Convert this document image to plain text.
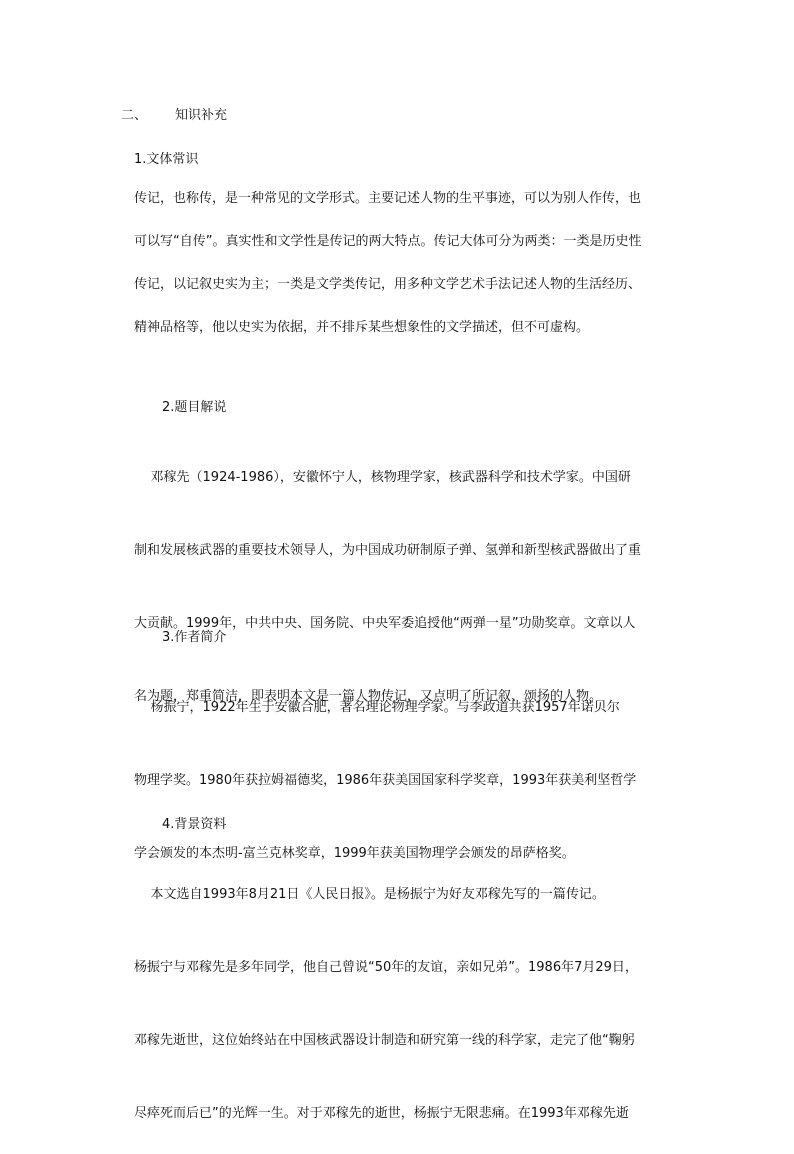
二、 知识补充
1.文体常识
传记，也称传，是一种常见的文学形式。主要记述人物的生平事迹，可以为别人作传，也
可以写“自传”。真实性和文学性是传记的两大特点。传记大体可分为两类：一类是历史性
传记，以记叙史实为主；一类是文学类传记，用多种文学艺术手法记述人物的生活经历、
精神品格等，他以史实为依据，并不排斥某些想象性的文学描述，但不可虚构。
2.题目解说

邓稼先（1924-1986），安徽怀宁人，核物理学家，核武器科学和技术学家。中国研

制和发展核武器的重要技术领导人，为中国成功研制原子弹、氢弹和新型核武器做出了重

大贡献。1999年，中共中央、国务院、中央军委追授他“两弹一星”功勋奖章。文章以人

名为题，郑重简洁，即表明本文是一篇人物传记，又点明了所记叙、颂扬的人物。

3.作者简介

杨振宁，1922年生于安徽合肥，著名理论物理学家。与李政道共获1957年诺贝尔

物理学奖。1980年获拉姆福德奖，1986年获美国国家科学奖章，1993年获美利坚哲学

学会颁发的本杰明-富兰克林奖章，1999年获美国物理学会颁发的昂萨格奖。

4.背景资料

本文选自1993年8月21日《人民日报》。是杨振宁为好友邓稼先写的一篇传记。

杨振宁与邓稼先是多年同学，他自己曾说“50年的友谊，亲如兄弟”。1986年7月29日，

邓稼先逝世，这位始终站在中国核武器设计制造和研究第一线的科学家，走完了他“鞠躬

尽瘁死而后已”的光辉一生。对于邓稼先的逝世，杨振宁无限悲痛。在1993年邓稼先逝
